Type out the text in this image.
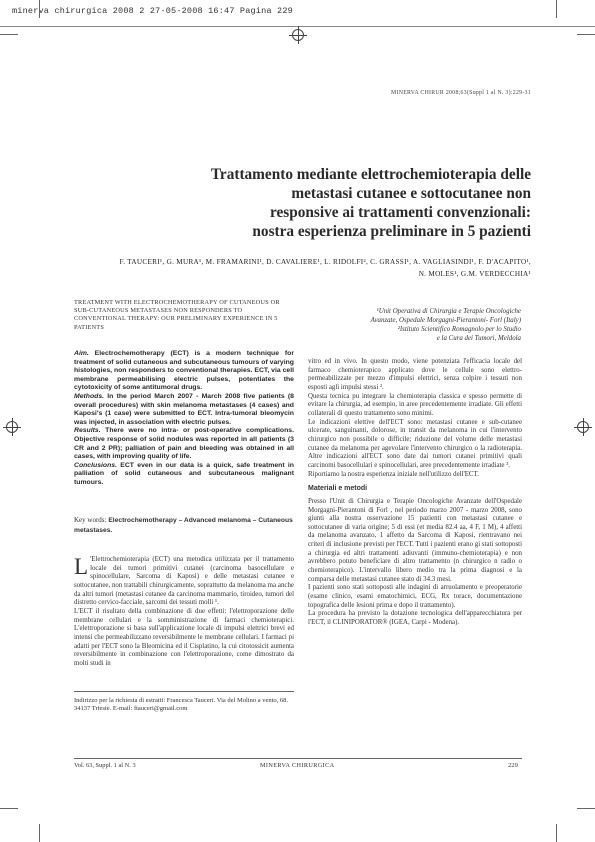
minerva chirurgica 2008 2 27-05-2008 16:47 Pagina 229
MINERVA CHIRUR 2008;63(Suppl 1 al N. 3):229-31
Trattamento mediante elettrochemioterapia delle
metastasi cutanee e sottocutanee non
responsive ai trattamenti convenzionali:
nostra esperienza preliminare in 5 pazienti
F. TAUCERI¹, G. MURA¹, M. FRAMARINI¹, D. CAVALIERE¹, L. RIDOLFI², C. GRASSI¹, A. VAGLIASINDI¹, F. D'ACAPITO¹,
N. MOLES¹, G.M. VERDECCHIA¹
TREATMENT WITH ELECTROCHEMOTHERAPY OF CUTANEOUS OR SUB-CUTANEOUS METASTASES NON RESPONDERS TO CONVENTIONAL THERAPY: OUR PRELIMINARY EXPERIENCE IN 5 PATIENTS
¹Unit Operativa di Chirurgia e Terapie Oncologiche
Avanzate, Ospedale Morgagni-Pierantoni- Forl (Italy)
²Istituto Scientifico Romagnolo per lo Studio
e la Cura dei Tumori, Meldola

Aim. Electrochemotherapy (ECT) is a modern technique for treatment of solid cutaneous and subcutaneous tumours of varying histologies, non responders to conventional therapies. ECT, via cell membrane permeabilising electric pulses, potentiates the cytotoxicity of some antitumoral drugs.

Methods. In the period March 2007 - March 2008 five patients (8 overall procedures) with skin melanoma metastases (4 cases) and Kaposi's (1 case) were submitted to ECT. Intra-tumoral bleomycin was injected, in association with electric pulses.

Results. There were no intra- or post-operative complications. Objective response of solid nodules was reported in all patients (3 CR and 2 PR); palliation of pain and bleeding was obtained in all cases, with improving quality of life.

Conclusions. ECT even in our data is a quick, safe treatment in palliation of solid cutaneous and subcutaneous malignant tumours.

Key words: Electrochemotherapy – Advanced melanoma – Cutaneous metastases.

L 'Elettrochemioterapia (ECT) una metodica utilizzata per il trattamento locale dei tumori primitivi cutanei (carcinoma basocellulare e spinocellulare, Sarcoma di Kaposi) e delle metastasi cutanee e sottocutanee, non trattabili chirurgicamente, soprattutto da melanoma ma anche da altri tumori (metastasi cutanee da carcinoma mammario, tiroideo, tumori del distretto cervico-facciale, sarcomi dei tessuti molli ¹.

L'ECT il risultato della combinazione di due effetti: l'elettroporazione delle membrane cellulari e la somministrazione di farmaci chemioterapici. L'elettroporazione si basa sull'applicazione locale di impulsi elettrici brevi ed intensi che permeabilizzano reversibilmente le membrane cellulari. I farmaci pi adatti per l'ECT sono la Bleomicina ed il Cisplatino, la cui citotossicit aumenta reversibilmente in combinazione con l'elettroporazione, come dimostrato da molti studi in

Indirizzo per la richiesta di estratti: Francesca Tauceri. Via del Molino a vento, 68. 34137 Trieste. E-mail: ftauceri@gmail.com

vitro ed in vivo. In questo modo, viene potenziata l'efficacia locale del farmaco chemioterapico applicato dove le cellule sono elettro-permeabilizzate per mezzo d'impulsi elettrici, senza colpire i tessuti non esposti agli impulsi stessi ².

Questa tecnica pu integrare la chemioterapia classica e spesso permette di evitare la chirurgia, ad esempio, in aree precedentemente irradiate. Gli effetti collaterali di questo trattamento sono minimi.

Le indicazioni elettive dell'ECT sono: metastasi cutanee e sub-cutanee ulcerate, sanguinanti, dolorose, in transit da melanoma in cui l'intervento chirurgico non possibile o difficile; riduzione del volume delle metastasi cutanee da melanoma per agevolare l'intervento chirurgico o la radioterapia. Altre indicazioni all'ECT sono date dai tumori cutanei primitivi quali carcinomi basocellulari e spinocellulari, aree precedentemente irradiate ³.

Riportiamo la nostra esperienza iniziale nell'utilizzo dell'ECT.

Materiali e metodi

Presso l'Unit di Chirurgia e Terapie Oncologiche Avanzate dell'Ospedale Morgagni-Pierantoni di Forl , nel periodo marzo 2007 - marzo 2008, sono giunti alla nostra osservazione 15 pazienti con metastasi cutanee e sottocutanee di varia origine; 5 di essi (et media 82.4 aa, 4 F, 1 M), 4 affetti da melanoma avanzato, 1 affetto da Sarcoma di Kaposi, rientravano nei criteri di inclusione previsti per l'ECT. Tutti i pazienti erano gi stati sottoposti a chirurgia ed altri trattamenti adiuvanti (immuno-chemioterapia) e non avrebbero potuto beneficiare di altro trattamento (n chirurgico n radio o chemioterapico). L'intervallo libero medio tra la prima diagnosi e la comparsa delle metastasi cutanee stato di 34.3 mesi.

I pazienti sono stati sottoposti alle indagini di arruolamento e preoperatorie (esame clinico, esami ematochimici, ECG, Rx torace, documentazione topografica delle lesioni prima e dopo il trattamento).

La procedura ha previsto la dotazione tecnologica dell'apparecchiatura per l'ECT, il CLINIPORATOR® (IGEA, Carpi - Modena).

Vol. 63, Suppl. 1 al N. 3	MINERVA CHIRURGICA	229
